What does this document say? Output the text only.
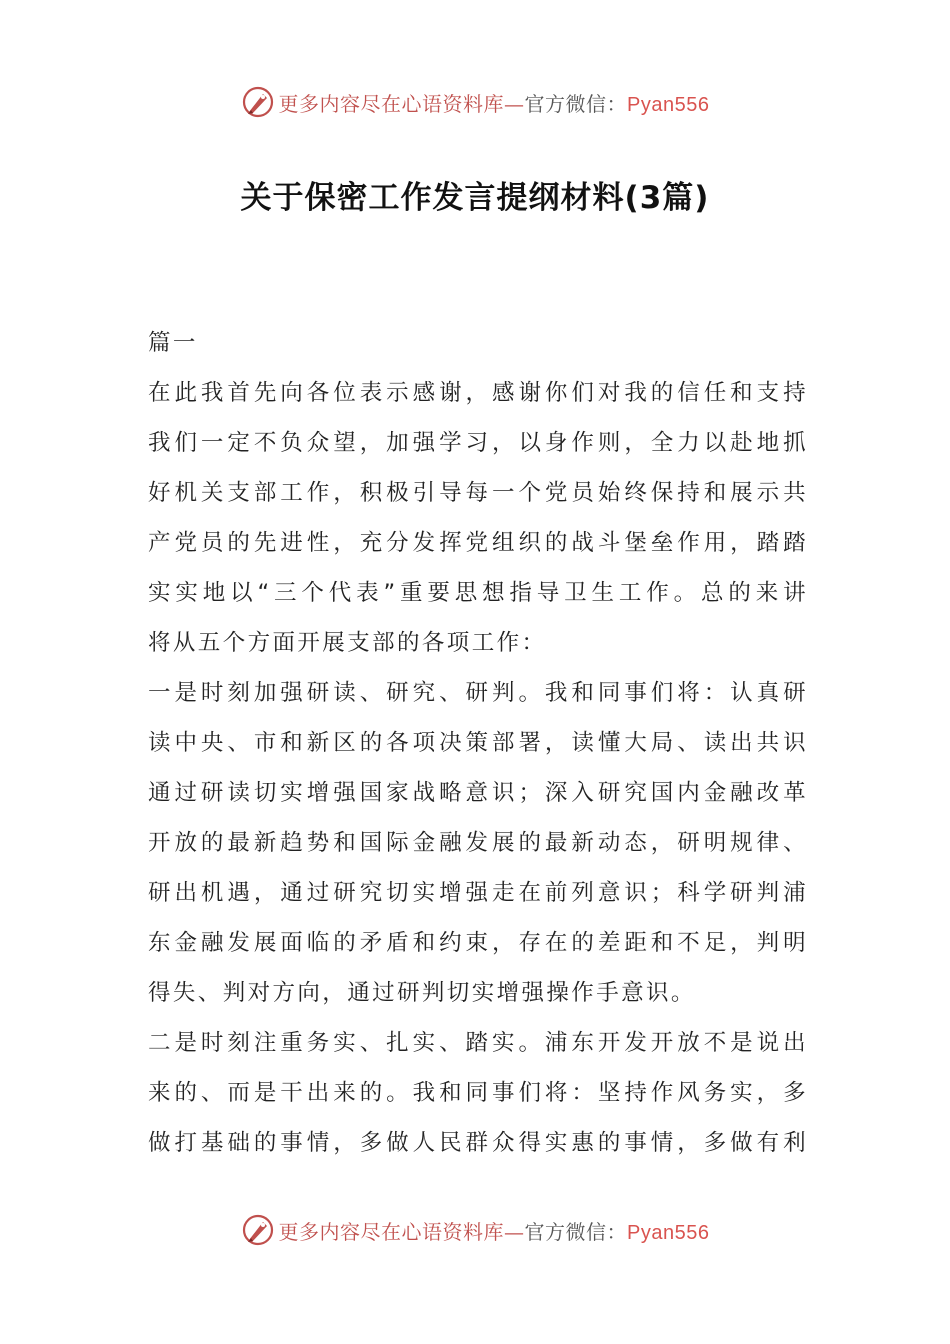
更多内容尽在心语资料库—官方微信：Pyan556
关于保密工作发言提纲材料(3篇)
篇一
在此我首先向各位表示感谢，感谢你们对我的信任和支持
我们一定不负众望，加强学习，以身作则，全力以赴地抓
好机关支部工作，积极引导每一个党员始终保持和展示共
产党员的先进性，充分发挥党组织的战斗堡垒作用，踏踏
实实地以“三个代表”重要思想指导卫生工作。总的来讲
将从五个方面开展支部的各项工作：
一是时刻加强研读、研究、研判。我和同事们将：认真研
读中央、市和新区的各项决策部署，读懂大局、读出共识
通过研读切实增强国家战略意识；深入研究国内金融改革
开放的最新趋势和国际金融发展的最新动态，研明规律、
研出机遇，通过研究切实增强走在前列意识；科学研判浦
东金融发展面临的矛盾和约束，存在的差距和不足，判明
得失、判对方向，通过研判切实增强操作手意识。
二是时刻注重务实、扎实、踏实。浦东开发开放不是说出
来的、而是干出来的。我和同事们将：坚持作风务实，多
做打基础的事情，多做人民群众得实惠的事情，多做有利
更多内容尽在心语资料库—官方微信：Pyan556
